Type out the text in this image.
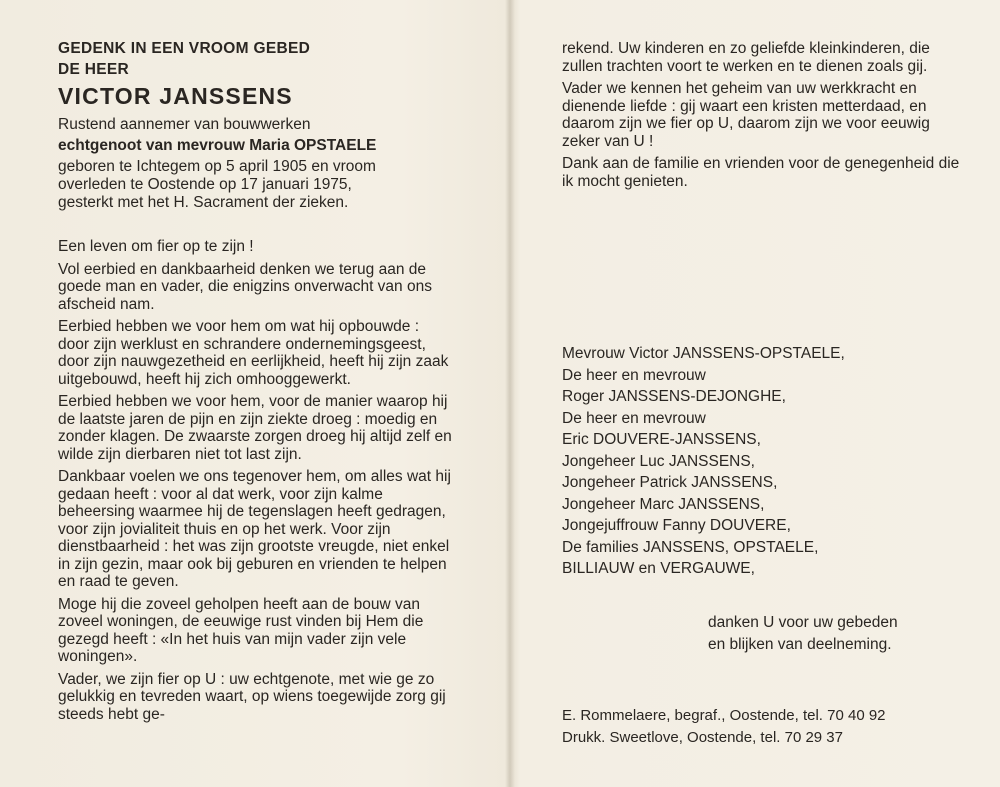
GEDENK IN EEN VROOM GEBED
DE HEER
VICTOR JANSSENS
Rustend aannemer van bouwwerken
echtgenoot van mevrouw Maria OPSTAELE
geboren te Ichtegem op 5 april 1905 en vroom
overleden te Oostende op 17 januari 1975,
gesterkt met het H. Sacrament der zieken.

Een leven om fier op te zijn !

Vol eerbied en dankbaarheid denken we terug aan de goede man en vader, die enigzins onverwacht van ons afscheid nam.

Eerbied hebben we voor hem om wat hij opbouwde : door zijn werklust en schrandere ondernemingsgeest, door zijn nauwgezetheid en eerlijkheid, heeft hij zijn zaak uitgebouwd, heeft hij zich omhooggewerkt.

Eerbied hebben we voor hem, voor de manier waarop hij de laatste jaren de pijn en zijn ziekte droeg : moedig en zonder klagen. De zwaarste zorgen droeg hij altijd zelf en wilde zijn dierbaren niet tot last zijn.

Dankbaar voelen we ons tegenover hem, om alles wat hij gedaan heeft : voor al dat werk, voor zijn kalme beheersing waarmee hij de tegenslagen heeft gedragen, voor zijn jovialiteit thuis en op het werk. Voor zijn dienstbaarheid : het was zijn grootste vreugde, niet enkel in zijn gezin, maar ook bij geburen en vrienden te helpen en raad te geven.

Moge hij die zoveel geholpen heeft aan de bouw van zoveel woningen, de eeuwige rust vinden bij Hem die gezegd heeft : «In het huis van mijn vader zijn vele woningen».

Vader, we zijn fier op U : uw echtgenote, met wie ge zo gelukkig en tevreden waart, op wiens toegewijde zorg gij steeds hebt ge-

rekend. Uw kinderen en zo geliefde kleinkinderen, die zullen trachten voort te werken en te dienen zoals gij.

Vader we kennen het geheim van uw werkkracht en dienende liefde : gij waart een kristen metterdaad, en daarom zijn we fier op U, daarom zijn we voor eeuwig zeker van U !

Dank aan de familie en vrienden voor de genegenheid die ik mocht genieten.

Mevrouw Victor JANSSENS-OPSTAELE,
De heer en mevrouw
Roger JANSSENS-DEJONGHE,
De heer en mevrouw
Eric DOUVERE-JANSSENS,
Jongeheer Luc JANSSENS,
Jongeheer Patrick JANSSENS,
Jongeheer Marc JANSSENS,
Jongejuffrouw Fanny DOUVERE,
De families JANSSENS, OPSTAELE,
BILLIAUW en VERGAUWE,
danken U voor uw gebeden
en blijken van deelneming.
E. Rommelaere, begraf., Oostende, tel. 70 40 92
Drukk. Sweetlove, Oostende, tel. 70 29 37
